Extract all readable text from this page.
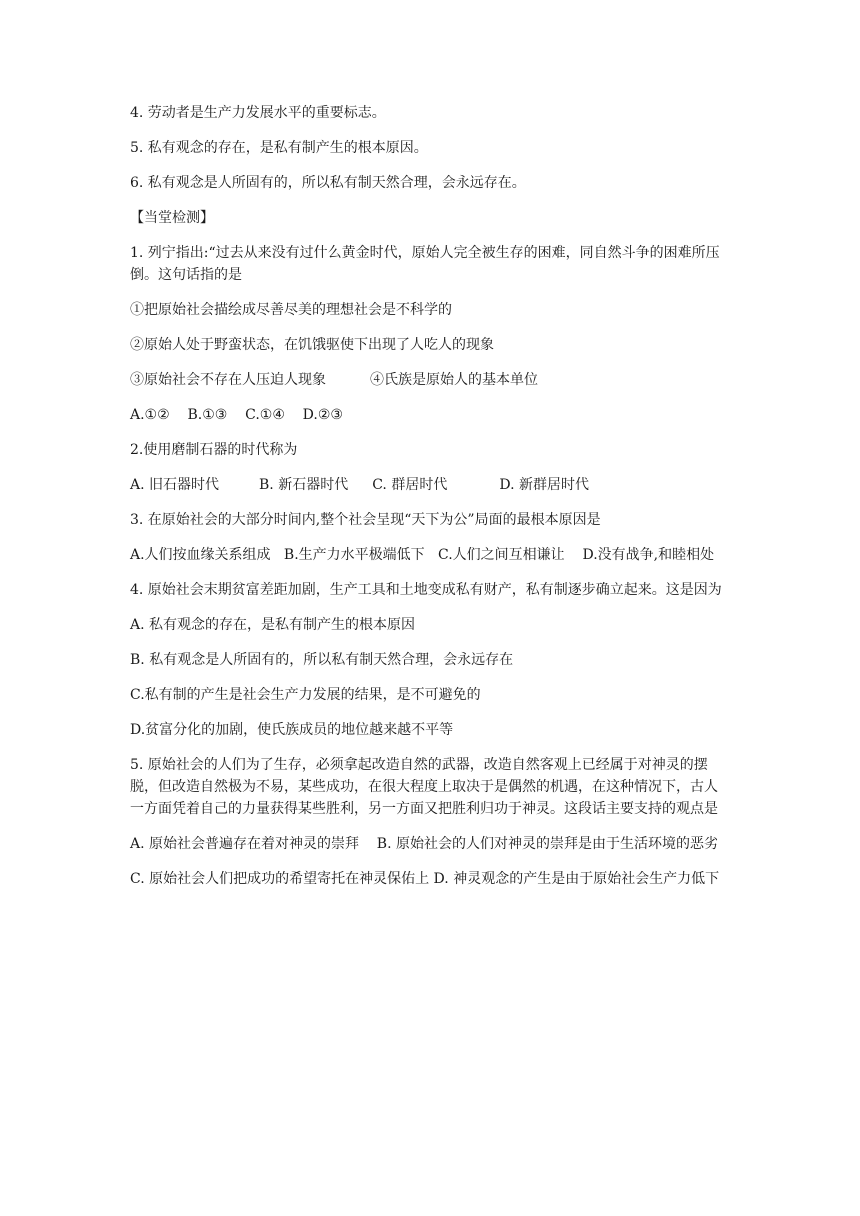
4. 劳动者是生产力发展水平的重要标志。

5. 私有观念的存在，是私有制产生的根本原因。

6. 私有观念是人所固有的，所以私有制天然合理，会永远存在。

【当堂检测】

1. 列宁指出:“过去从来没有过什么黄金时代，原始人完全被生存的困难，同自然斗争的困难所压倒。这句话指的是

①把原始社会描绘成尽善尽美的理想社会是不科学的

②原始人处于野蛮状态，在饥饿驱使下出现了人吃人的现象

③原始社会不存在人压迫人现象	④氏族是原始人的基本单位

A.①②    B.①③    C.①④    D.②③

2.使用磨制石器的时代称为

A. 旧石器时代	B. 新石器时代 C. 群居时代	D. 新群居时代

3. 在原始社会的大部分时间内,整个社会呈现“天下为公”局面的最根本原因是

A.人们按血缘关系组成   B.生产力水平极端低下   C.人们之间互相谦让    D.没有战争,和睦相处

4. 原始社会末期贫富差距加剧，生产工具和土地变成私有财产，私有制逐步确立起来。这是因为

A. 私有观念的存在，是私有制产生的根本原因

B. 私有观念是人所固有的，所以私有制天然合理，会永远存在

C.私有制的产生是社会生产力发展的结果，是不可避免的

D.贫富分化的加剧，使氏族成员的地位越来越不平等

5. 原始社会的人们为了生存，必须拿起改造自然的武器，改造自然客观上已经属于对神灵的摆脱，但改造自然极为不易，某些成功，在很大程度上取决于是偶然的机遇，在这种情况下，古人一方面凭着自己的力量获得某些胜利，另一方面又把胜利归功于神灵。这段话主要支持的观点是

A. 原始社会普遍存在着对神灵的崇拜    B. 原始社会的人们对神灵的崇拜是由于生活环境的恶劣

C. 原始社会人们把成功的希望寄托在神灵保佑上 D. 神灵观念的产生是由于原始社会生产力低下
